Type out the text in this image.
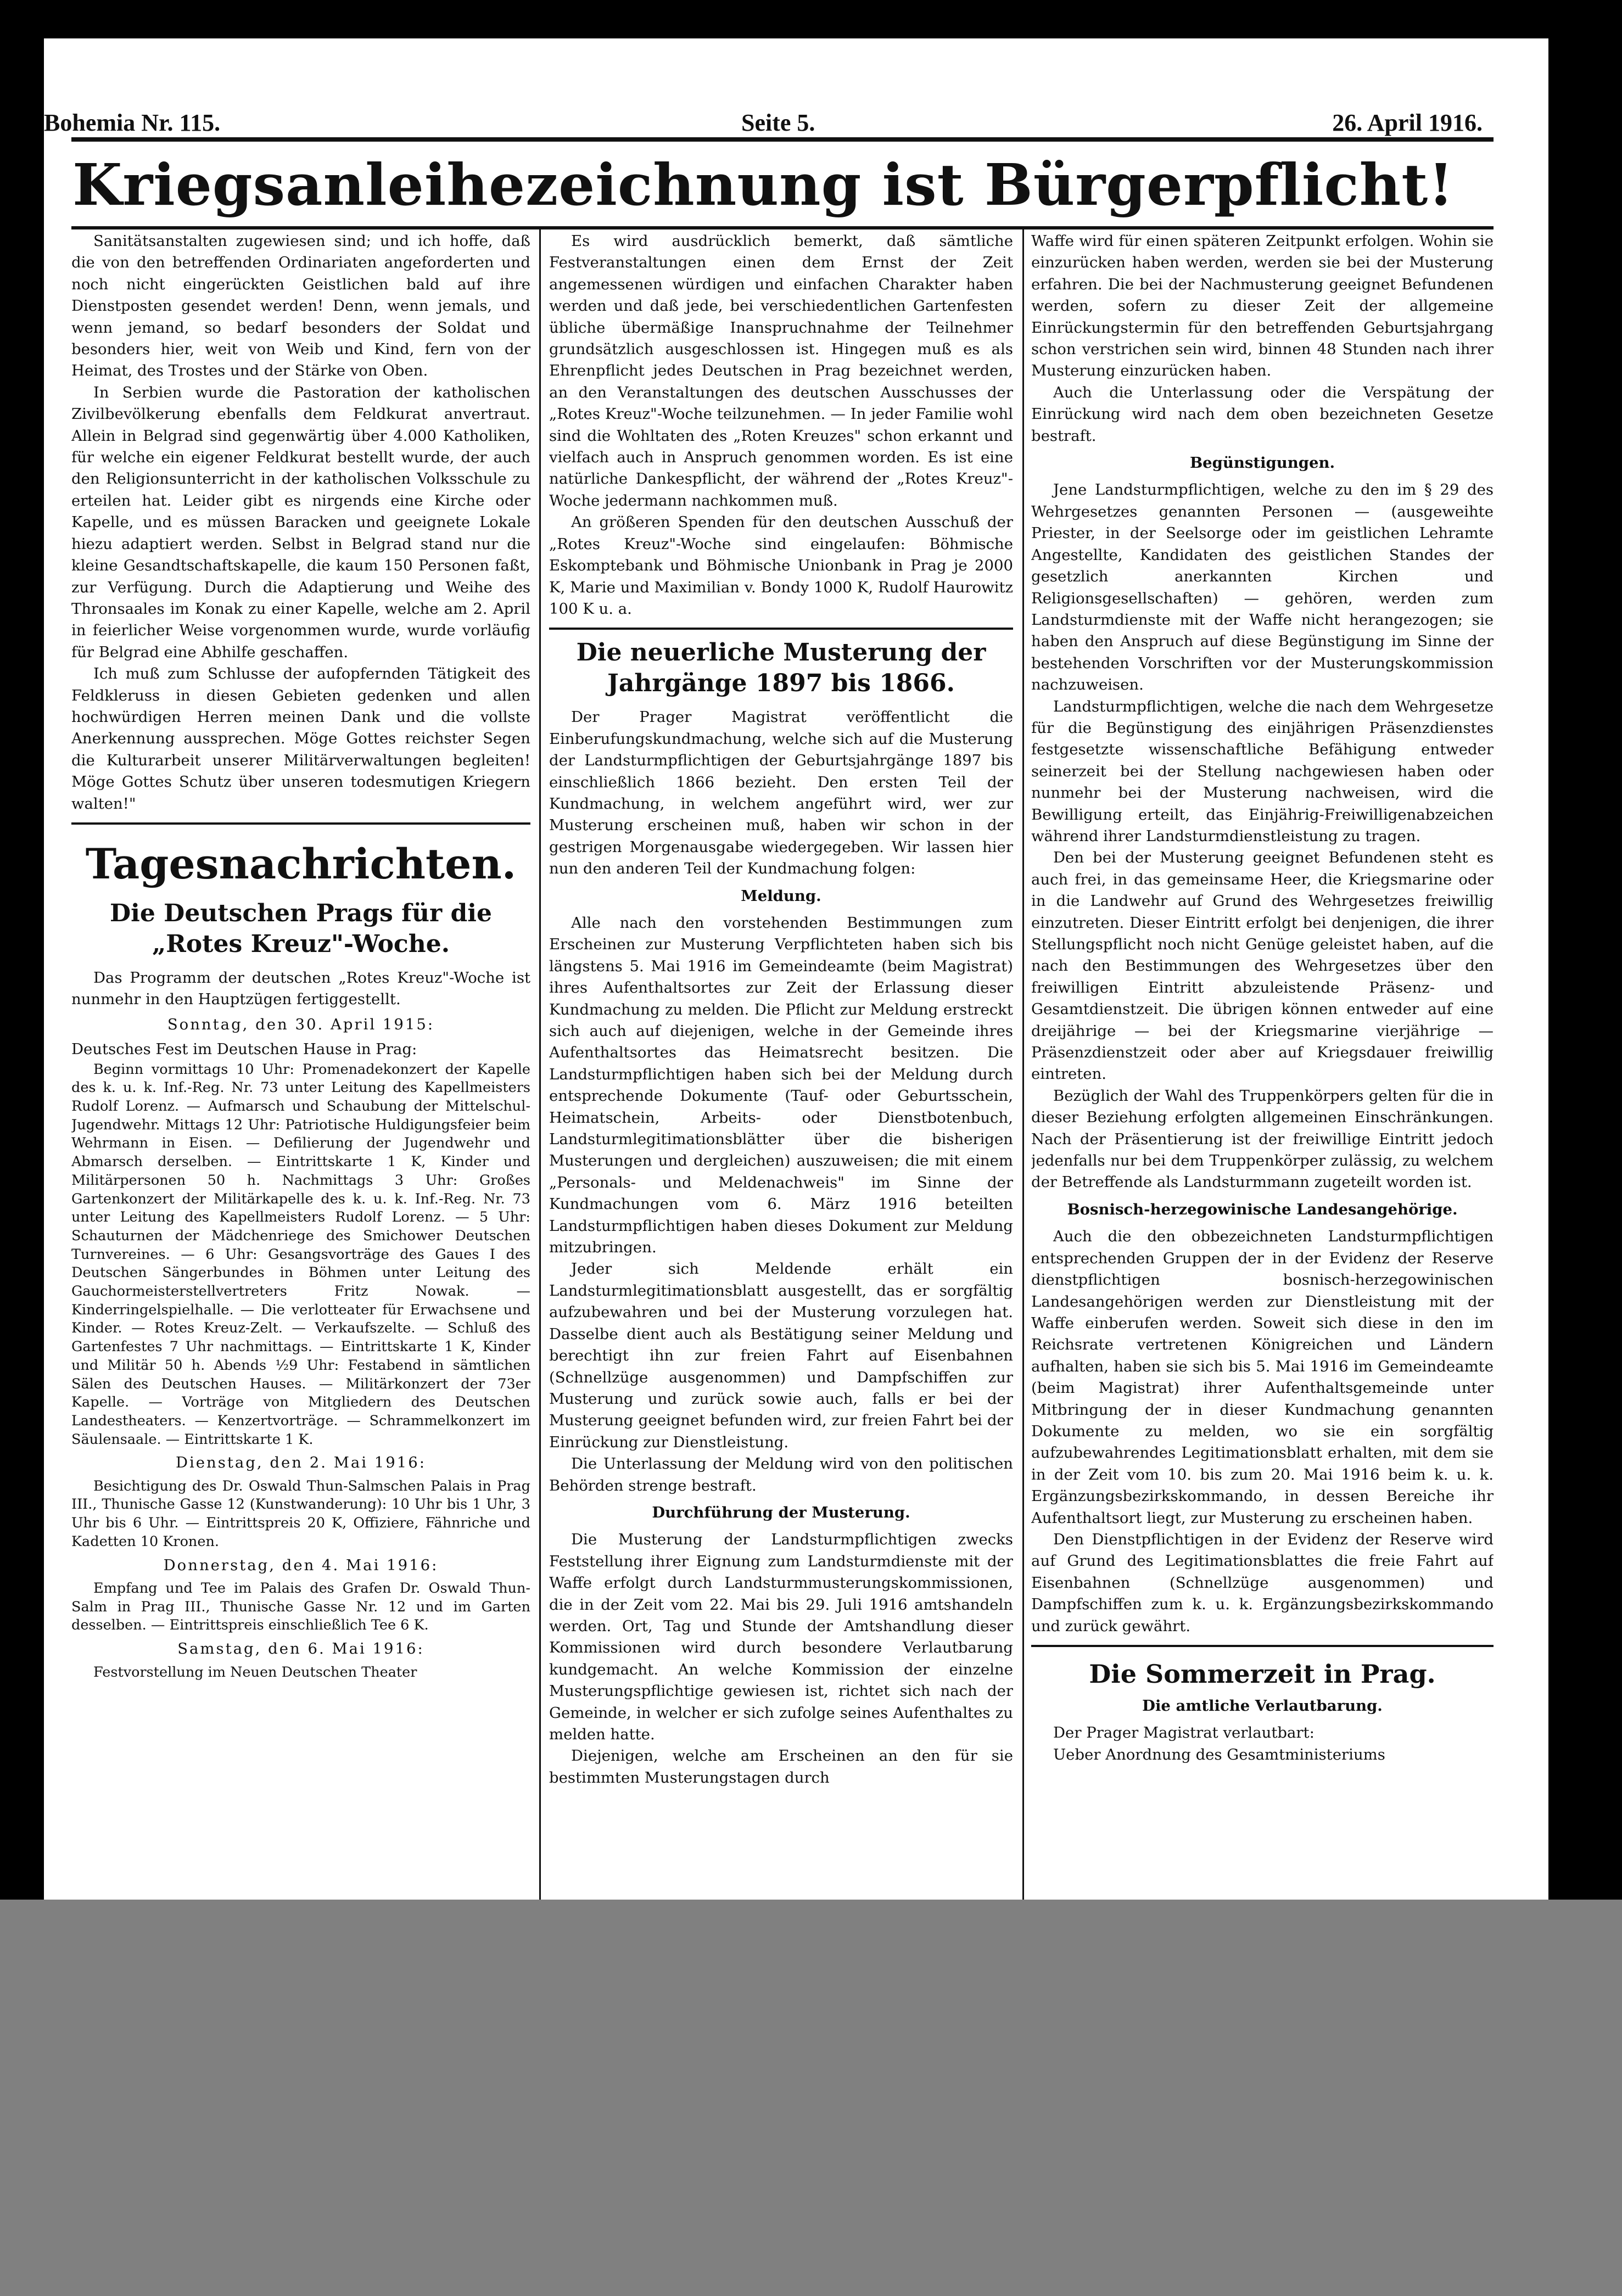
Bohemia Nr. 115.	Seite 5.	26. April 1916.
Kriegsanleihezeichnung ist Bürgerpflicht!

Sanitätsanstalten zugewiesen sind; und ich hoffe, daß die von den betreffenden Ordinariaten angeforderten und noch nicht eingerückten Geistlichen bald auf ihre Dienstposten gesendet werden! Denn, wenn jemals, und wenn jemand, so bedarf besonders der Soldat und besonders hier, weit von Weib und Kind, fern von der Heimat, des Trostes und der Stärke von Oben.

In Serbien wurde die Pastoration der katholischen Zivilbevölkerung ebenfalls dem Feldkurat anvertraut. Allein in Belgrad sind gegenwärtig über 4.000 Katholiken, für welche ein eigener Feldkurat bestellt wurde, der auch den Religionsunterricht in der katholischen Volksschule zu erteilen hat. Leider gibt es nirgends eine Kirche oder Kapelle, und es müssen Baracken und geeignete Lokale hiezu adaptiert werden. Selbst in Belgrad stand nur die kleine Gesandtschaftskapelle, die kaum 150 Personen faßt, zur Verfügung. Durch die Adaptierung und Weihe des Thronsaales im Konak zu einer Kapelle, welche am 2. April in feierlicher Weise vorgenommen wurde, wurde vorläufig für Belgrad eine Abhilfe geschaffen.

Ich muß zum Schlusse der aufopfernden Tätigkeit des Feldkleruss in diesen Gebieten gedenken und allen hochwürdigen Herren meinen Dank und die vollste Anerkennung aussprechen. Möge Gottes reichster Segen die Kulturarbeit unserer Militärverwaltungen begleiten! Möge Gottes Schutz über unseren todesmutigen Kriegern walten!"

Tagesnachrichten.
Die Deutschen Prags für die „Rotes Kreuz"-Woche.

Das Programm der deutschen „Rotes Kreuz"-Woche ist nunmehr in den Hauptzügen fertiggestellt.

Sonntag, den 30. April 1915:

Deutsches Fest im Deutschen Hause in Prag:

Beginn vormittags 10 Uhr: Promenadekonzert der Kapelle des k. u. k. Inf.-Reg. Nr. 73 unter Leitung des Kapellmeisters Rudolf Lorenz. — Aufmarsch und Schaubung der Mittelschul-Jugendwehr. Mittags 12 Uhr: Patriotische Huldigungsfeier beim Wehrmann in Eisen. — Defilierung der Jugendwehr und Abmarsch derselben. — Eintrittskarte 1 K, Kinder und Militärpersonen 50 h. Nachmittags 3 Uhr: Großes Gartenkonzert der Militärkapelle des k. u. k. Inf.-Reg. Nr. 73 unter Leitung des Kapellmeisters Rudolf Lorenz. — 5 Uhr: Schauturnen der Mädchenriege des Smichower Deutschen Turnvereines. — 6 Uhr: Gesangsvorträge des Gaues I des Deutschen Sängerbundes in Böhmen unter Leitung des Gauchormeisterstellvertreters Fritz Nowak. — Kinderringelspielhalle. — Die verlotteater für Erwachsene und Kinder. — Rotes Kreuz-Zelt. — Verkaufszelte. — Schluß des Gartenfestes 7 Uhr nachmittags. — Eintrittskarte 1 K, Kinder und Militär 50 h. Abends ½9 Uhr: Festabend in sämtlichen Sälen des Deutschen Hauses. — Militärkonzert der 73er Kapelle. — Vorträge von Mitgliedern des Deutschen Landestheaters. — Kenzertvorträge. — Schrammelkonzert im Säulensaale. — Eintrittskarte 1 K.

Dienstag, den 2. Mai 1916:

Besichtigung des Dr. Oswald Thun-Salmschen Palais in Prag III., Thunische Gasse 12 (Kunstwanderung): 10 Uhr bis 1 Uhr, 3 Uhr bis 6 Uhr. — Eintrittspreis 20 K, Offiziere, Fähnriche und Kadetten 10 Kronen.

Donnerstag, den 4. Mai 1916:

Empfang und Tee im Palais des Grafen Dr. Oswald Thun-Salm in Prag III., Thunische Gasse Nr. 12 und im Garten desselben. — Eintrittspreis einschließlich Tee 6 K.

Samstag, den 6. Mai 1916:

Festvorstellung im Neuen Deutschen Theater

Es wird ausdrücklich bemerkt, daß sämtliche Festveranstaltungen einen dem Ernst der Zeit angemessenen würdigen und einfachen Charakter haben werden und daß jede, bei verschiedentlichen Gartenfesten übliche übermäßige Inanspruchnahme der Teilnehmer grundsätzlich ausgeschlossen ist. Hingegen muß es als Ehrenpflicht jedes Deutschen in Prag bezeichnet werden, an den Veranstaltungen des deutschen Ausschusses der „Rotes Kreuz"-Woche teilzunehmen. — In jeder Familie wohl sind die Wohltaten des „Roten Kreuzes" schon erkannt und vielfach auch in Anspruch genommen worden. Es ist eine natürliche Dankespflicht, der während der „Rotes Kreuz"-Woche jedermann nachkommen muß.

An größeren Spenden für den deutschen Ausschuß der „Rotes Kreuz"-Woche sind eingelaufen: Böhmische Eskomptebank und Böhmische Unionbank in Prag je 2000 K, Marie und Maximilian v. Bondy 1000 K, Rudolf Haurowitz 100 K u. a.

Die neuerliche Musterung der Jahrgänge 1897 bis 1866.

Der Prager Magistrat veröffentlicht die Einberufungskundmachung, welche sich auf die Musterung der Landsturmpflichtigen der Geburtsjahrgänge 1897 bis einschließlich 1866 bezieht. Den ersten Teil der Kundmachung, in welchem angeführt wird, wer zur Musterung erscheinen muß, haben wir schon in der gestrigen Morgenausgabe wiedergegeben. Wir lassen hier nun den anderen Teil der Kundmachung folgen:

Meldung.

Alle nach den vorstehenden Bestimmungen zum Erscheinen zur Musterung Verpflichteten haben sich bis längstens 5. Mai 1916 im Gemeindeamte (beim Magistrat) ihres Aufenthaltsortes zur Zeit der Erlassung dieser Kundmachung zu melden. Die Pflicht zur Meldung erstreckt sich auch auf diejenigen, welche in der Gemeinde ihres Aufenthaltsortes das Heimatsrecht besitzen. Die Landsturmpflichtigen haben sich bei der Meldung durch entsprechende Dokumente (Tauf- oder Geburtsschein, Heimatschein, Arbeits- oder Dienstbotenbuch, Landsturmlegitimationsblätter über die bisherigen Musterungen und dergleichen) auszuweisen; die mit einem „Personals- und Meldenachweis" im Sinne der Kundmachungen vom 6. März 1916 beteilten Landsturmpflichtigen haben dieses Dokument zur Meldung mitzubringen.

Jeder sich Meldende erhält ein Landsturmlegitimationsblatt ausgestellt, das er sorgfältig aufzubewahren und bei der Musterung vorzulegen hat. Dasselbe dient auch als Bestätigung seiner Meldung und berechtigt ihn zur freien Fahrt auf Eisenbahnen (Schnellzüge ausgenommen) und Dampfschiffen zur Musterung und zurück sowie auch, falls er bei der Musterung geeignet befunden wird, zur freien Fahrt bei der Einrückung zur Dienstleistung.

Die Unterlassung der Meldung wird von den politischen Behörden strenge bestraft.

Durchführung der Musterung.

Die Musterung der Landsturmpflichtigen zwecks Feststellung ihrer Eignung zum Landsturmdienste mit der Waffe erfolgt durch Landsturmmusterungskommissionen, die in der Zeit vom 22. Mai bis 29. Juli 1916 amtshandeln werden. Ort, Tag und Stunde der Amtshandlung dieser Kommissionen wird durch besondere Verlautbarung kundgemacht. An welche Kommission der einzelne Musterungspflichtige gewiesen ist, richtet sich nach der Gemeinde, in welcher er sich zufolge seines Aufenthaltes zu melden hatte.

Diejenigen, welche am Erscheinen an den für sie bestimmten Musterungstagen durch

Waffe wird für einen späteren Zeitpunkt erfolgen. Wohin sie einzurücken haben werden, werden sie bei der Musterung erfahren. Die bei der Nachmusterung geeignet Befundenen werden, sofern zu dieser Zeit der allgemeine Einrückungstermin für den betreffenden Geburtsjahrgang schon verstrichen sein wird, binnen 48 Stunden nach ihrer Musterung einzurücken haben.

Auch die Unterlassung oder die Verspätung der Einrückung wird nach dem oben bezeichneten Gesetze bestraft.

Begünstigungen.

Jene Landsturmpflichtigen, welche zu den im § 29 des Wehrgesetzes genannten Personen — (ausgeweihte Priester, in der Seelsorge oder im geistlichen Lehramte Angestellte, Kandidaten des geistlichen Standes der gesetzlich anerkannten Kirchen und Religionsgesellschaften) — gehören, werden zum Landsturmdienste mit der Waffe nicht herangezogen; sie haben den Anspruch auf diese Begünstigung im Sinne der bestehenden Vorschriften vor der Musterungskommission nachzuweisen.

Landsturmpflichtigen, welche die nach dem Wehrgesetze für die Begünstigung des einjährigen Präsenzdienstes festgesetzte wissenschaftliche Befähigung entweder seinerzeit bei der Stellung nachgewiesen haben oder nunmehr bei der Musterung nachweisen, wird die Bewilligung erteilt, das Einjährig-Freiwilligenabzeichen während ihrer Landsturmdienstleistung zu tragen.

Den bei der Musterung geeignet Befundenen steht es auch frei, in das gemeinsame Heer, die Kriegsmarine oder in die Landwehr auf Grund des Wehrgesetzes freiwillig einzutreten. Dieser Eintritt erfolgt bei denjenigen, die ihrer Stellungspflicht noch nicht Genüge geleistet haben, auf die nach den Bestimmungen des Wehrgesetzes über den freiwilligen Eintritt abzuleistende Präsenz- und Gesamtdienstzeit. Die übrigen können entweder auf eine dreijährige — bei der Kriegsmarine vierjährige — Präsenzdienstzeit oder aber auf Kriegsdauer freiwillig eintreten.

Bezüglich der Wahl des Truppenkörpers gelten für die in dieser Beziehung erfolgten allgemeinen Einschränkungen. Nach der Präsentierung ist der freiwillige Eintritt jedoch jedenfalls nur bei dem Truppenkörper zulässig, zu welchem der Betreffende als Landsturmmann zugeteilt worden ist.

Bosnisch-herzegowinische Landesangehörige.

Auch die den obbezeichneten Landsturmpflichtigen entsprechenden Gruppen der in der Evidenz der Reserve dienstpflichtigen bosnisch-herzegowinischen Landesangehörigen werden zur Dienstleistung mit der Waffe einberufen werden. Soweit sich diese in den im Reichsrate vertretenen Königreichen und Ländern aufhalten, haben sie sich bis 5. Mai 1916 im Gemeindeamte (beim Magistrat) ihrer Aufenthaltsgemeinde unter Mitbringung der in dieser Kundmachung genannten Dokumente zu melden, wo sie ein sorgfältig aufzubewahrendes Legitimationsblatt erhalten, mit dem sie in der Zeit vom 10. bis zum 20. Mai 1916 beim k. u. k. Ergänzungsbezirkskommando, in dessen Bereiche ihr Aufenthaltsort liegt, zur Musterung zu erscheinen haben.

Den Dienstpflichtigen in der Evidenz der Reserve wird auf Grund des Legitimationsblattes die freie Fahrt auf Eisenbahnen (Schnellzüge ausgenommen) und Dampfschiffen zum k. u. k. Ergänzungsbezirkskommando und zurück gewährt.

Die Sommerzeit in Prag.
Die amtliche Verlautbarung.

Der Prager Magistrat verlautbart:

Ueber Anordnung des Gesamtministeriums
